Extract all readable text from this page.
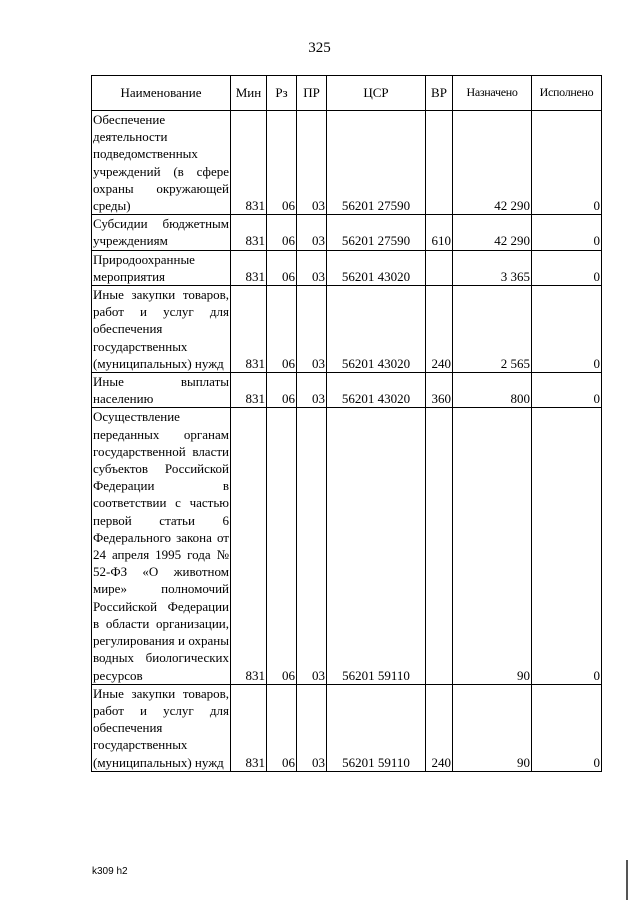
325
Наименование	Мин	Рз	ПР	ЦСР	ВР	Назначено	Исполнено
Обеспечение деятельности подведомственных учреждений (в сфере охраны окружающей среды)	831	06	03	56201 27590		42 290	0
Субсидии бюджетным учреждениям	831	06	03	56201 27590	610	42 290	0
Природоохранные мероприятия	831	06	03	56201 43020		3 365	0
Иные закупки товаров, работ и услуг для обеспечения государственных (муниципальных) нужд	831	06	03	56201 43020	240	2 565	0
Иные выплаты населению	831	06	03	56201 43020	360	800	0
Осуществление переданных органам государственной власти субъектов Российской Федерации в соответствии с частью первой статьи 6 Федерального закона от 24 апреля 1995 года № 52-ФЗ «О животном мире» полномочий Российской Федерации в области организации, регулирования и охраны водных биологических ресурсов	831	06	03	56201 59110		90	0
Иные закупки товаров, работ и услуг для обеспечения государственных (муниципальных) нужд	831	06	03	56201 59110	240	90	0
k309 h2
